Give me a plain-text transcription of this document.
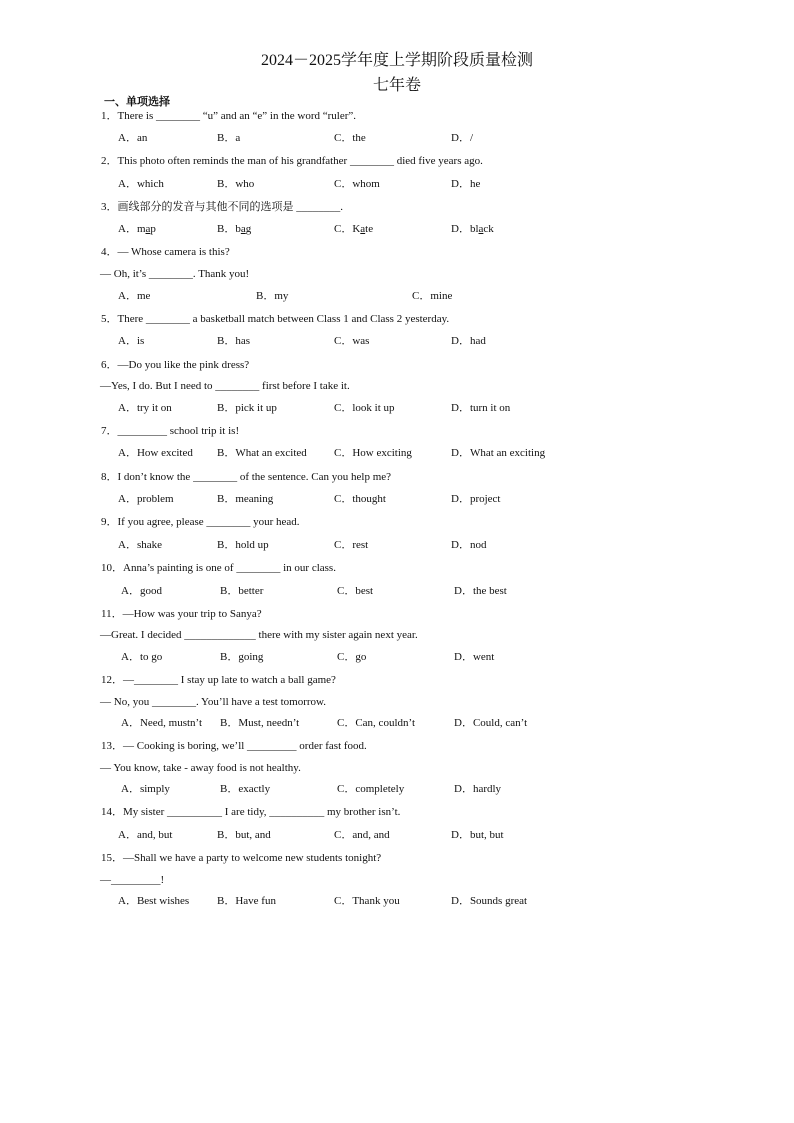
2024－2025学年度上学期阶段质量检测
七年卷
一、单项选择
1．There is ________ “u” and an “e” in the word “ruler”.
A．an	B．a	C．the	D．/
2．This photo often reminds the man of his grandfather ________ died five years ago.
A．which	B．who	C．whom	D．he
3．画线部分的发音与其他不同的选项是 ________.
A．map	B．bag	C．Kate	D．black
4．— Whose camera is this?
— Oh, it’s ________. Thank you!
A．me	B．my	C．mine
5．There ________ a basketball match between Class 1 and Class 2 yesterday.
A．is	B．has	C．was	D．had
6．—Do you like the pink dress?
—Yes, I do. But I need to ________ first before I take it.
A．try it on	B．pick it up	C．look it up	D．turn it on
7．_________ school trip it is!
A．How excited B．What an excited C．How exciting	D．What an exciting
8．I don’t know the ________ of the sentence. Can you help me?
A．problem	B．meaning	C．thought	D．project
9．If you agree, please ________ your head.
A．shake	B．hold up	C．rest	D．nod
10．Anna’s painting is one of ________ in our class.
A．good	B．better	C．best	D．the best
11．—How was your trip to Sanya?
—Great. I decided _____________ there with my sister again next year.
A．to go	B．going	C．go	D．went
12．—________ I stay up late to watch a ball game?
— No, you ________. You’ll have a test tomorrow.
A．Need, mustn’t B．Must, needn’t	C．Can, couldn’t	D．Could, can’t
13．— Cooking is boring, we’ll _________ order fast food.
— You know, take - away food is not healthy.
A．simply	B．exactly	C．completely	D．hardly
14．My sister __________ I are tidy, __________ my brother isn’t.
A．and, but	B．but, and	C．and, and	D．but, but
15．—Shall we have a party to welcome new students tonight?
—_________!
A．Best wishes	B．Have fun	C．Thank you	D．Sounds great
